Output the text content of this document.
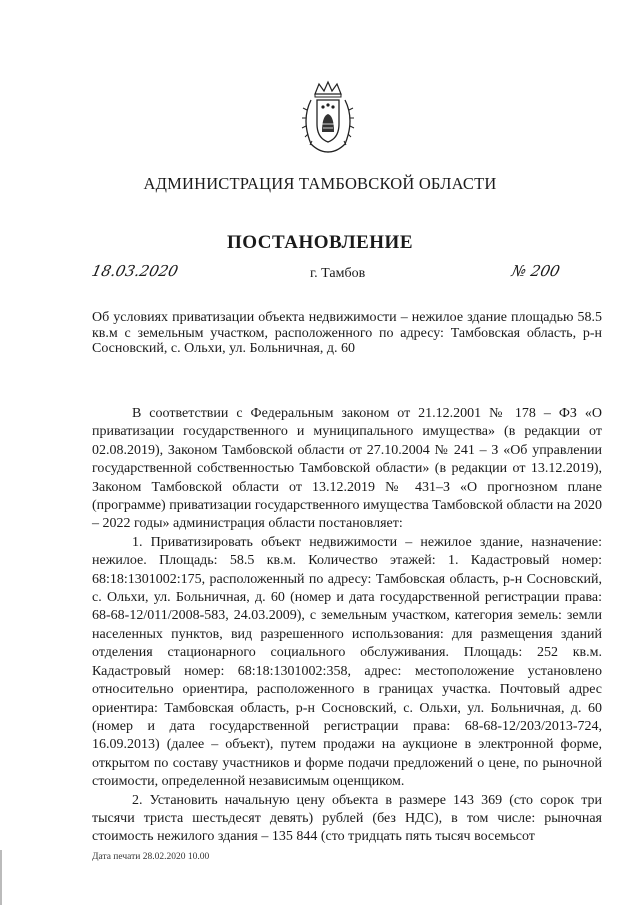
АДМИНИСТРАЦИЯ ТАМБОВСКОЙ ОБЛАСТИ
ПОСТАНОВЛЕНИЕ
18.03.2020	г. Тамбов	№ 200
Об условиях приватизации объекта недвижимости – нежилое здание площадью 58.5 кв.м с земельным участком, расположенного по адресу: Тамбовская область, р-н Сосновский, с. Ольхи, ул. Больничная, д. 60

В соответствии с Федеральным законом от 21.12.2001 № 178 – ФЗ «О приватизации государственного и муниципального имущества» (в редакции от 02.08.2019), Законом Тамбовской области от 27.10.2004 № 241 – З «Об управлении государственной собственностью Тамбовской области» (в редакции от 13.12.2019), Законом Тамбовской области от 13.12.2019 № 431–З «О прогнозном плане (программе) приватизации государственного имущества Тамбовской области на 2020 – 2022 годы» администрация области постановляет:

1. Приватизировать объект недвижимости – нежилое здание, назначение: нежилое. Площадь: 58.5 кв.м. Количество этажей: 1. Кадастровый номер: 68:18:1301002:175, расположенный по адресу: Тамбовская область, р-н Сосновский, с. Ольхи, ул. Больничная, д. 60 (номер и дата государственной регистрации права: 68-68-12/011/2008-583, 24.03.2009), с земельным участком, категория земель: земли населенных пунктов, вид разрешенного использования: для размещения зданий отделения стационарного социального обслуживания. Площадь: 252 кв.м. Кадастровый номер: 68:18:1301002:358, адрес: местоположение установлено относительно ориентира, расположенного в границах участка. Почтовый адрес ориентира: Тамбовская область, р-н Сосновский, с. Ольхи, ул. Больничная, д. 60 (номер и дата государственной регистрации права: 68-68-12/203/2013-724, 16.09.2013) (далее – объект), путем продажи на аукционе в электронной форме, открытом по составу участников и форме подачи предложений о цене, по рыночной стоимости, определенной независимым оценщиком.

2. Установить начальную цену объекта в размере 143 369 (сто сорок три тысячи триста шестьдесят девять) рублей (без НДС), в том числе: рыночная стоимость нежилого здания – 135 844 (сто тридцать пять тысяч восемьсот

Дата печати 28.02.2020 10.00
